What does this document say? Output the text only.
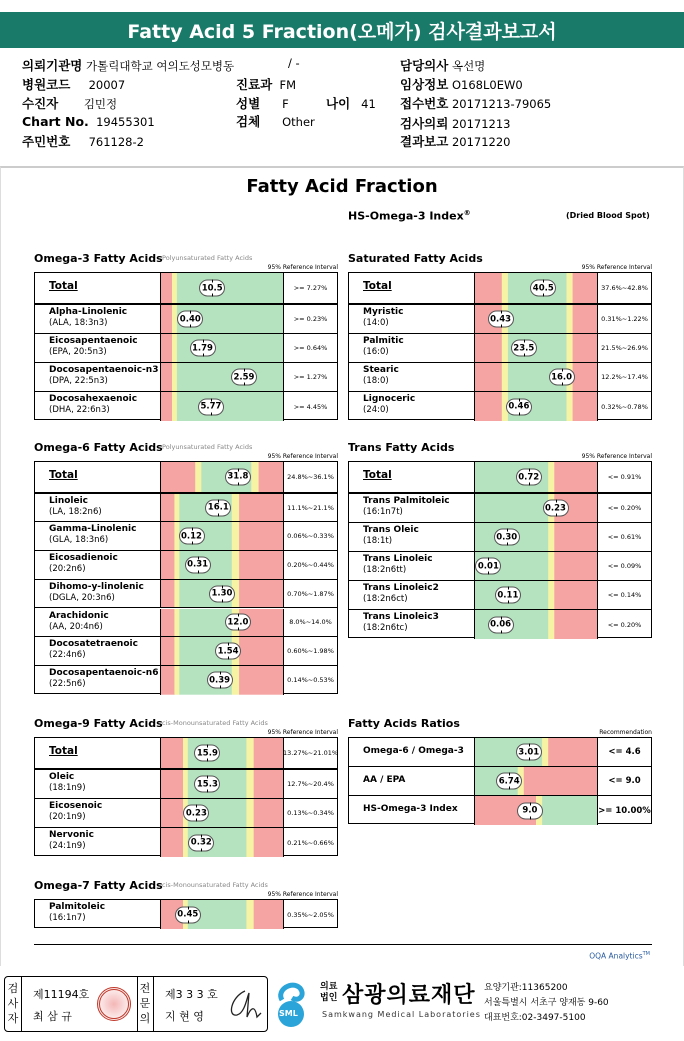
Fatty Acid 5 Fraction(오메가) 검사결과보고서
의뢰기관명 가톨릭대학교 여의도성모병동	/ -	담당의사 옥선명
병원코드 20007	진료과 FM	임상정보 O168L0EW0
수진자 김민정	성별 F	나이 41 접수번호 20171213-79065
Chart No. 19455301	검체 Other	검사의뢰 20171213
주민번호 761128-2	결과보고 20171220
Fatty Acid Fraction
HS-Omega-3 Index®	(Dried Blood Spot)
Omega-3 Fatty Acids Polyunsaturated Fatty Acids
95% Reference Interval
Total	10.5	>= 7.27%
Alpha-Linolenic
(ALA, 18:3n3)	0.40	>= 0.23%
Eicosapentaenoic
(EPA, 20:5n3)	1.79	>= 0.64%
Docosapentaenoic-n3
(DPA, 22:5n3)	2.59	>= 1.27%
Docosahexaenoic
(DHA, 22:6n3)	5.77	>= 4.45%
Saturated Fatty Acids
95% Reference Interval
Total	40.5	37.6%~42.8%
Myristic
(14:0)	0.43	0.31%~1.22%
Palmitic
(16:0)	23.5	21.5%~26.9%
Stearic
(18:0)	16.0	12.2%~17.4%
Lignoceric
(24:0)	0.46	0.32%~0.78%
Omega-6 Fatty Acids Polyunsaturated Fatty Acids
95% Reference Interval
Total	31.8	24.8%~36.1%
Linoleic
(LA, 18:2n6)	16.1	11.1%~21.1%
Gamma-Linolenic
(GLA, 18:3n6)	0.12	0.06%~0.33%
Eicosadienoic
(20:2n6)	0.31	0.20%~0.44%
Dihomo-y-linolenic
(DGLA, 20:3n6)	1.30	0.70%~1.87%
Arachidonic
(AA, 20:4n6)	12.0	8.0%~14.0%
Docosatetraenoic
(22:4n6)	1.54	0.60%~1.98%
Docosapentaenoic-n6
(22:5n6)	0.39	0.14%~0.53%
Trans Fatty Acids
95% Reference Interval
Total	0.72	<= 0.91%
Trans Palmitoleic
(16:1n7t)	0.23	<= 0.20%
Trans Oleic
(18:1t)	0.30	<= 0.61%
Trans Linoleic
(18:2n6tt)	0.01	<= 0.09%
Trans Linoleic2
(18:2n6ct)	0.11	<= 0.14%
Trans Linoleic3
(18:2n6tc)	0.06	<= 0.20%
Omega-9 Fatty Acids cis-Monounsaturated Fatty Acids
95% Reference Interval
Total	15.9	13.27%~21.01%
Oleic
(18:1n9)	15.3	12.7%~20.4%
Eicosenoic
(20:1n9)	0.23	0.13%~0.34%
Nervonic
(24:1n9)	0.32	0.21%~0.66%
Fatty Acids Ratios
Recommendation
Omega-6 / Omega-3	3.01	<= 4.6
AA / EPA	6.74	<= 9.0
HS-Omega-3 Index	9.0	>= 10.00%
Omega-7 Fatty Acids cis-Monounsaturated Fatty Acids
95% Reference Interval
Palmitoleic
(16:1n7)	0.45	0.35%~2.05%
OQA Analytics™
검사자
제11194호
최 삼 규
전문의
제3 3 3 호
지 현 영	SML
의료법인 삼광의료재단
Samkwang Medical Laboratories
요양기관:11365200
서울특별시 서초구 양재동 9-60
대표번호:02-3497-5100
